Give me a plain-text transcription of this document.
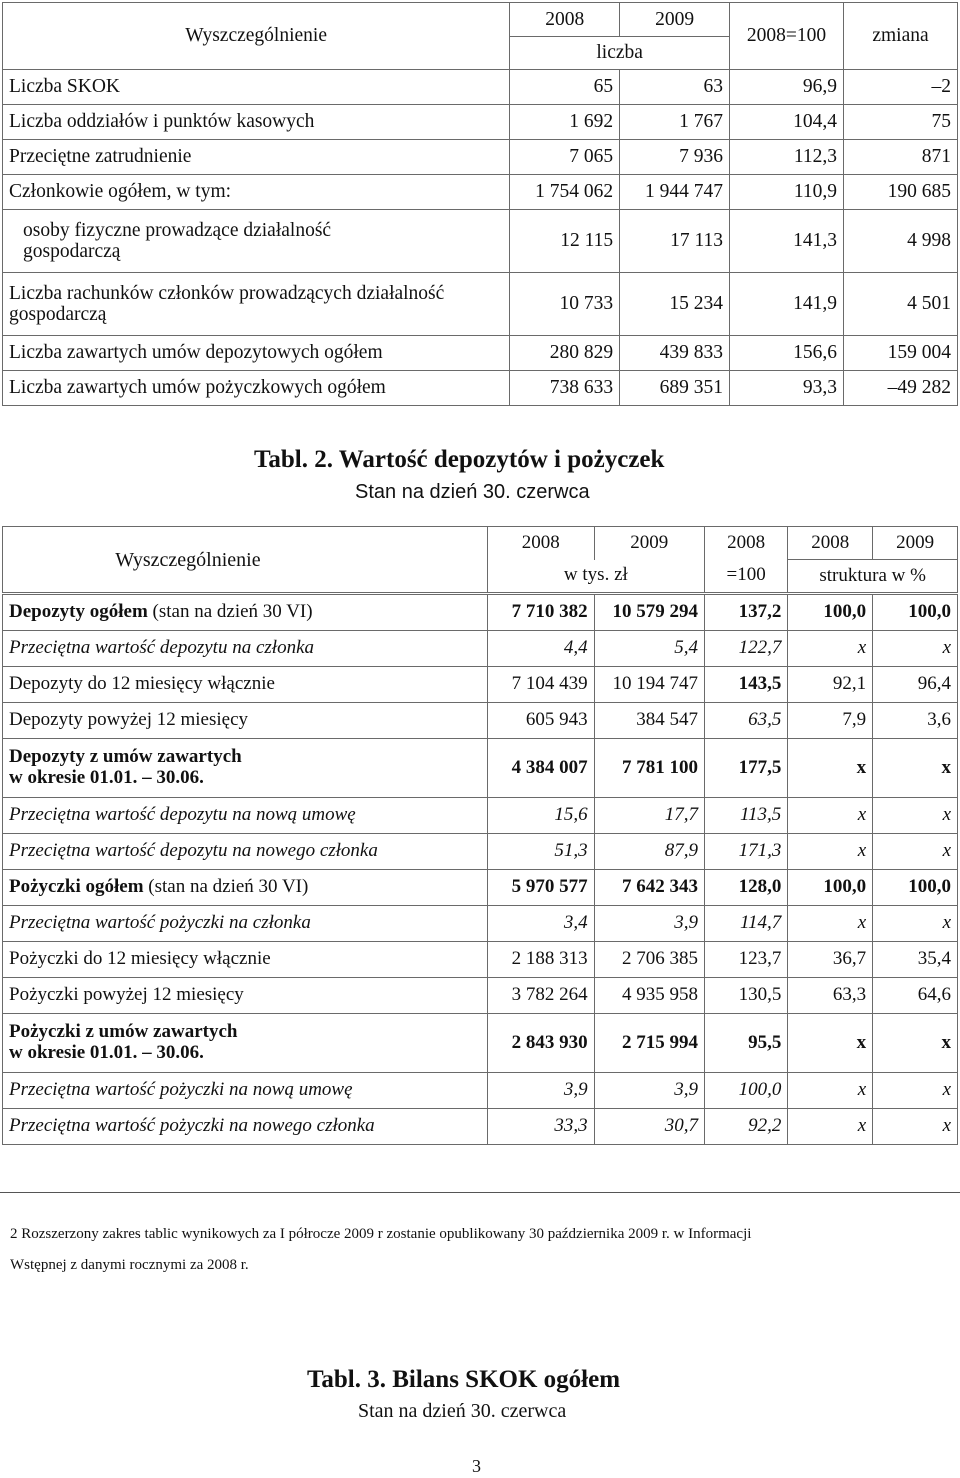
Wyszczególnienie	2008	2009	2008=100	zmiana
	liczba			
Liczba SKOK	65	63	96,9	–2
Liczba oddziałów i punktów kasowych	1 692	1 767	104,4	75
Przeciętne zatrudnienie	7 065	7 936	112,3	871
Członkowie ogółem, w tym:	1 754 062	1 944 747	110,9	190 685
osoby fizyczne prowadzące działalność gospodarczą	12 115	17 113	141,3	4 998
Liczba rachunków członków prowadzących działalność gospodarczą	10 733	15 234	141,9	4 501
Liczba zawartych umów depozytowych ogółem	280 829	439 833	156,6	159 004
Liczba zawartych umów pożyczkowych ogółem	738 633	689 351	93,3	–49 282
Tabl. 2. Wartość depozytów i pożyczek
Stan na dzień 30. czerwca
Wyszczególnienie	2008	2009	2008	2008	2009
	w tys. zł		=100	struktura w %	
Depozyty ogółem (stan na dzień 30 VI)	7 710 382	10 579 294	137,2	100,0	100,0
Przeciętna wartość depozytu na członka	4,4	5,4	122,7	x	x
Depozyty do 12 miesięcy włącznie	7 104 439	10 194 747	143,5	92,1	96,4
Depozyty powyżej 12 miesięcy	605 943	384 547	63,5	7,9	3,6
Depozyty z umów zawartych
w okresie 01.01. – 30.06.	4 384 007	7 781 100	177,5	x	x
Przeciętna wartość depozytu na nową umowę	15,6	17,7	113,5	x	x
Przeciętna wartość depozytu na nowego członka	51,3	87,9	171,3	x	x
Pożyczki ogółem (stan na dzień 30 VI)	5 970 577	7 642 343	128,0	100,0	100,0
Przeciętna wartość pożyczki na członka	3,4	3,9	114,7	x	x
Pożyczki do 12 miesięcy włącznie	2 188 313	2 706 385	123,7	36,7	35,4
Pożyczki powyżej 12 miesięcy	3 782 264	4 935 958	130,5	63,3	64,6
Pożyczki z umów zawartych
w okresie 01.01. – 30.06.	2 843 930	2 715 994	95,5	x	x
Przeciętna wartość pożyczki na nową umowę	3,9	3,9	100,0	x	x
Przeciętna wartość pożyczki na nowego członka	33,3	30,7	92,2	x	x
2 Rozszerzony zakres tablic wynikowych za I półrocze 2009 r zostanie opublikowany 30 października 2009 r. w Informacji
Wstępnej z danymi rocznymi za 2008 r.
Tabl. 3. Bilans SKOK ogółem
Stan na dzień 30. czerwca
3
